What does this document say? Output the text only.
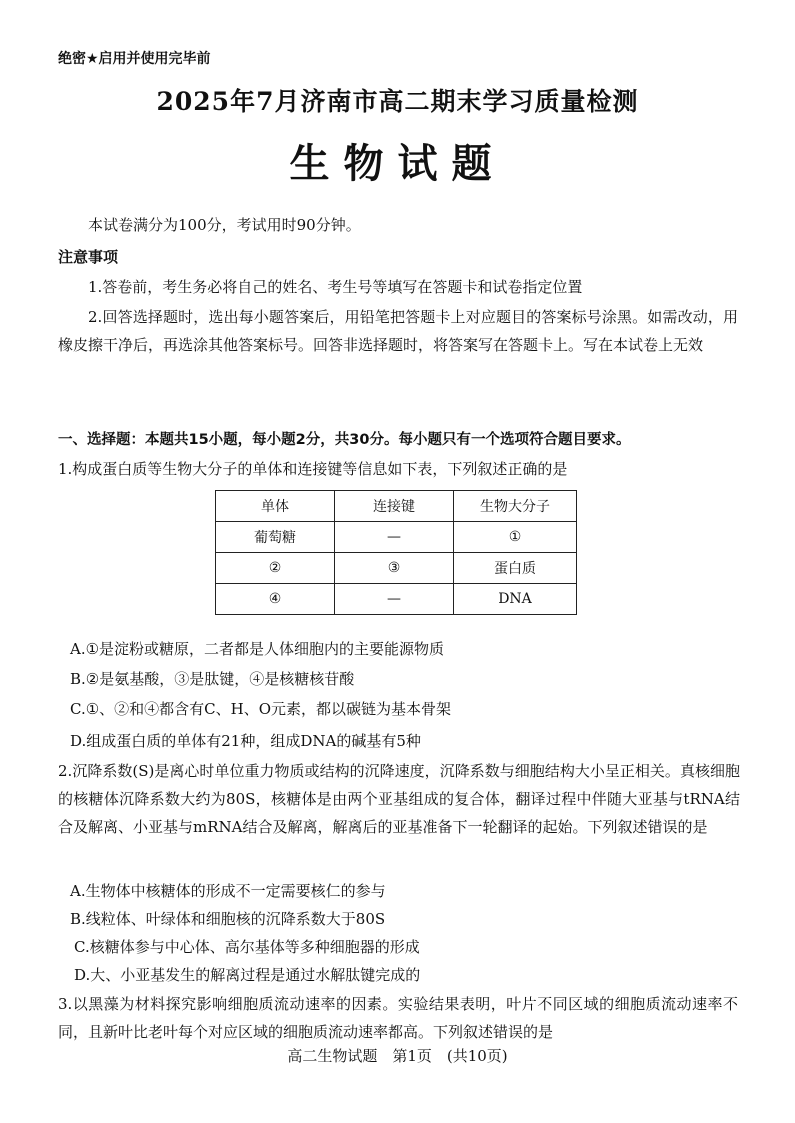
绝密★启用并使用完毕前
2025年7月济南市高二期末学习质量检测
生物试题
本试卷满分为100分，考试用时90分钟。
注意事项
1.答卷前，考生务必将自己的姓名、考生号等填写在答题卡和试卷指定位置
2.回答选择题时，选出每小题答案后，用铅笔把答题卡上对应题目的答案标号涂黑。如需改动，用橡皮擦干净后，再选涂其他答案标号。回答非选择题时，将答案写在答题卡上。写在本试卷上无效
一、选择题：本题共15小题，每小题2分，共30分。每小题只有一个选项符合题目要求。
1.构成蛋白质等生物大分子的单体和连接键等信息如下表，下列叙述正确的是
单体	连接键	生物大分子
葡萄糖	—	①
②	③	蛋白质
④	—	DNA
A.①是淀粉或糖原，二者都是人体细胞内的主要能源物质
B.②是氨基酸，③是肽键，④是核糖核苷酸
C.①、②和④都含有C、H、O元素，都以碳链为基本骨架
D.组成蛋白质的单体有21种，组成DNA的碱基有5种
2.沉降系数(S)是离心时单位重力物质或结构的沉降速度，沉降系数与细胞结构大小呈正相关。真核细胞的核糖体沉降系数大约为80S，核糖体是由两个亚基组成的复合体，翻译过程中伴随大亚基与tRNA结合及解离、小亚基与mRNA结合及解离，解离后的亚基准备下一轮翻译的起始。下列叙述错误的是
A.生物体中核糖体的形成不一定需要核仁的参与
B.线粒体、叶绿体和细胞核的沉降系数大于80S
C.核糖体参与中心体、高尔基体等多种细胞器的形成
D.大、小亚基发生的解离过程是通过水解肽键完成的
3.以黑藻为材料探究影响细胞质流动速率的因素。实验结果表明，叶片不同区域的细胞质流动速率不同，且新叶比老叶每个对应区域的细胞质流动速率都高。下列叙述错误的是
高二生物试题　第1页　(共10页)
